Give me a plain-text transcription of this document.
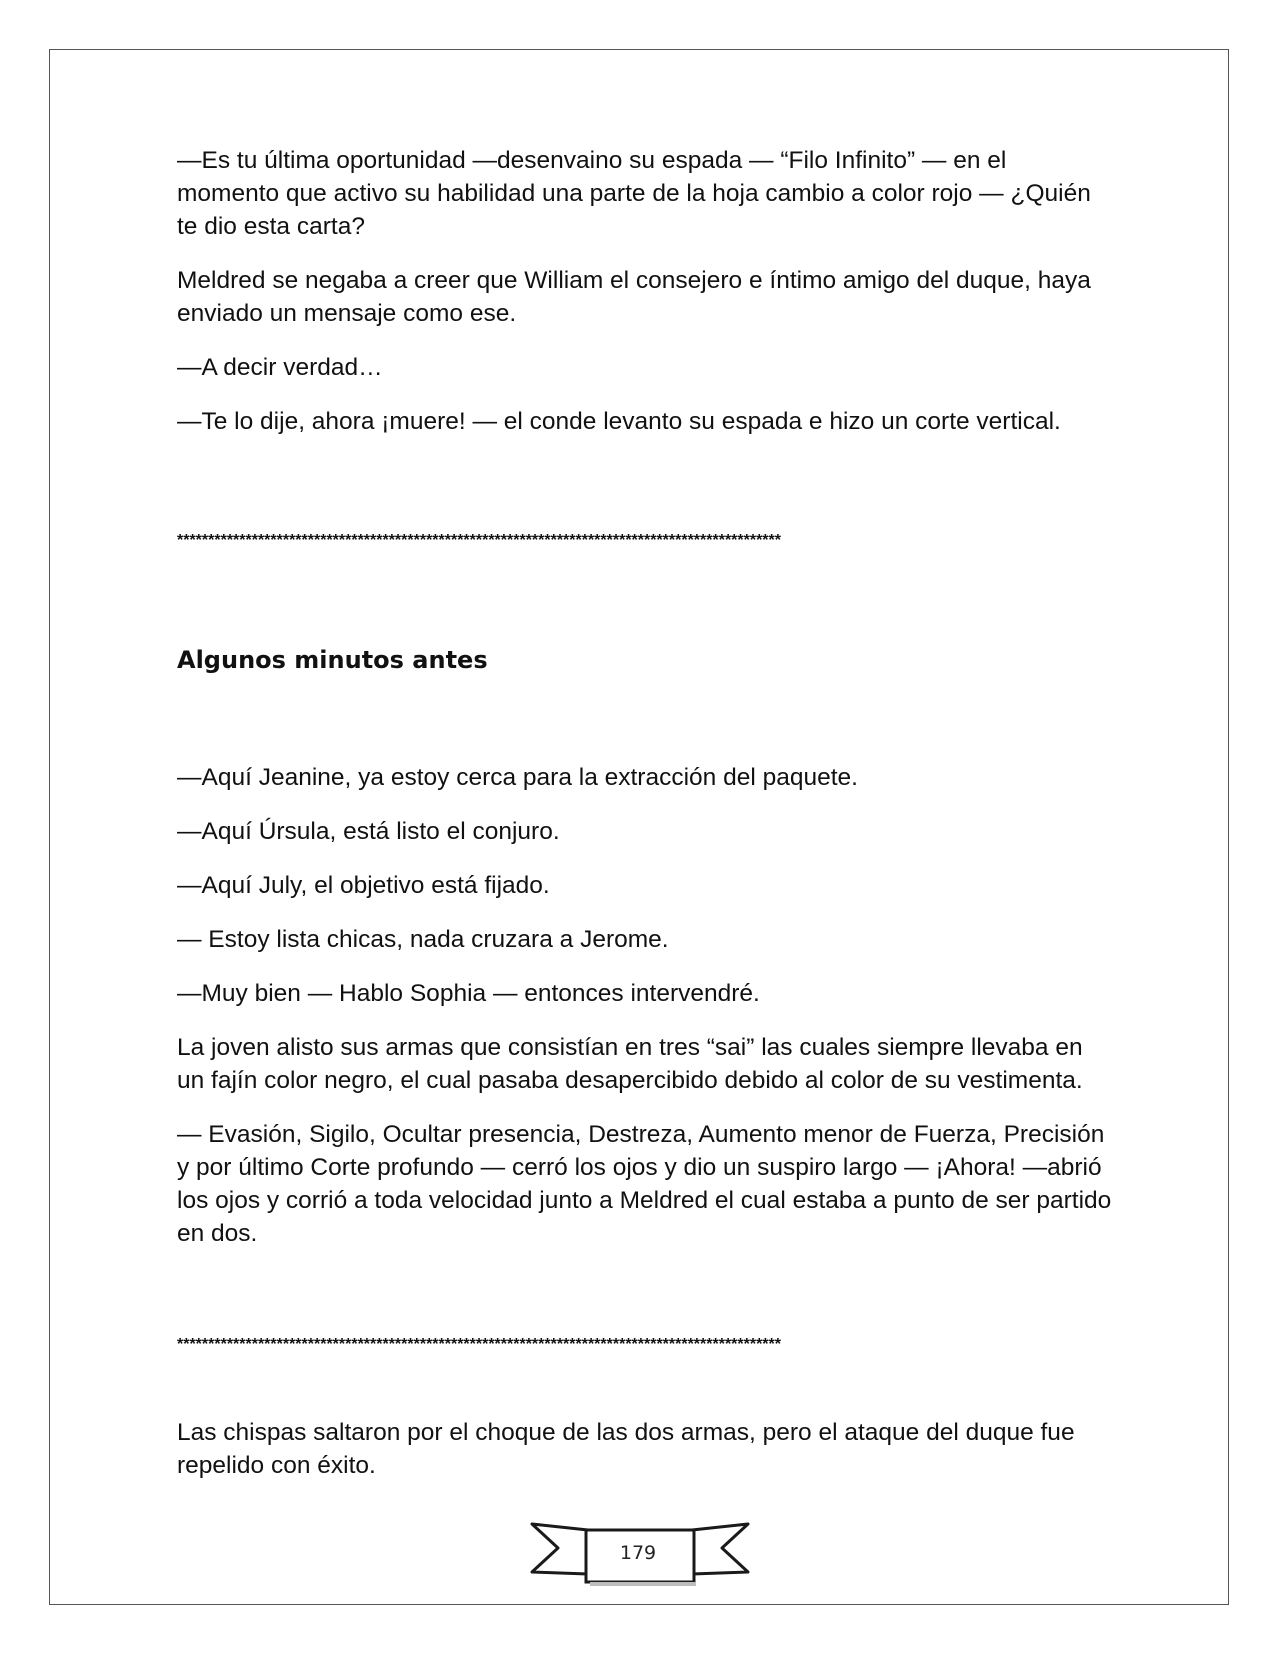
—Es tu última oportunidad —desenvaino su espada — “Filo Infinito” — en el momento que activo su habilidad una parte de la hoja cambio a color rojo — ¿Quién te dio esta carta?

Meldred se negaba a creer que William el consejero e íntimo amigo del duque, haya enviado un mensaje como ese.

—A decir verdad…

—Te lo dije, ahora ¡muere! — el conde levanto su espada e hizo un corte vertical.

*************************************************************************************************
Algunos minutos antes

—Aquí Jeanine, ya estoy cerca para la extracción del paquete.

—Aquí Úrsula, está listo el conjuro.

—Aquí July, el objetivo está fijado.

— Estoy lista chicas, nada cruzara a Jerome.

—Muy bien — Hablo Sophia — entonces intervendré.

La joven alisto sus armas que consistían en tres “sai” las cuales siempre llevaba en un fajín color negro, el cual pasaba desapercibido debido al color de su vestimenta.

— Evasión, Sigilo, Ocultar presencia, Destreza, Aumento menor de Fuerza, Precisión y por último Corte profundo — cerró los ojos y dio un suspiro largo — ¡Ahora! —abrió los ojos y corrió a toda velocidad junto a Meldred el cual estaba a punto de ser partido en dos.

*************************************************************************************************

Las chispas saltaron por el choque de las dos armas, pero el ataque del duque fue repelido con éxito.

179
